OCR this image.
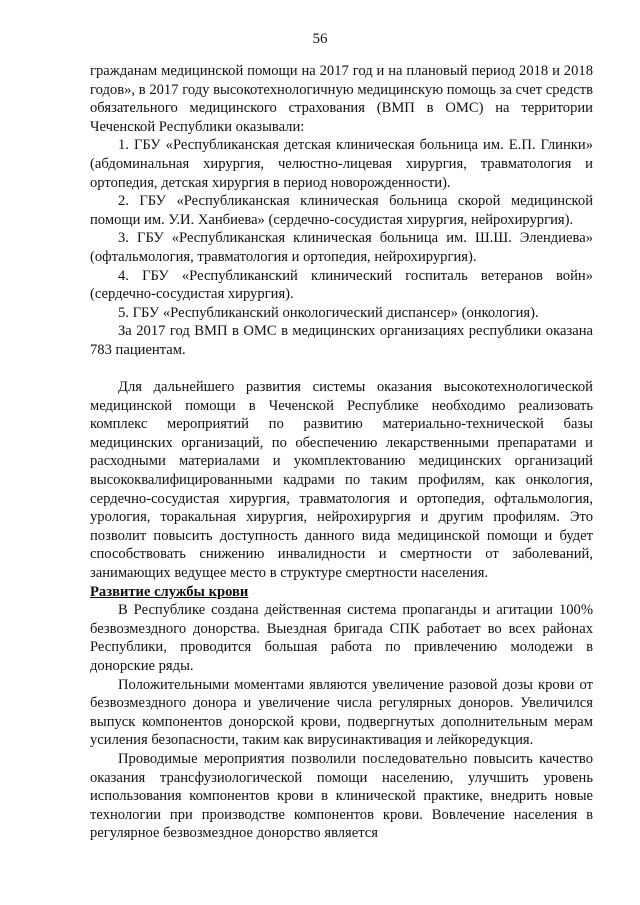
56

гражданам медицинской помощи на 2017 год и на плановый период 2018 и 2018 годов», в 2017 году высокотехнологичную медицинскую помощь за счет средств обязательного медицинского страхования (ВМП в ОМС) на территории Чеченской Республики оказывали:

1. ГБУ «Республиканская детская клиническая больница им. Е.П. Глинки» (абдоминальная хирургия, челюстно-лицевая хирургия, травматология и ортопедия, детская хирургия в период новорожденности).

2. ГБУ «Республиканская клиническая больница скорой медицинской помощи им. У.И. Ханбиева» (сердечно-сосудистая хирургия, нейрохирургия).

3. ГБУ «Республиканская клиническая больница им. Ш.Ш. Элендиева» (офтальмология, травматология и ортопедия, нейрохирургия).

4. ГБУ «Республиканский клинический госпиталь ветеранов войн» (сердечно-сосудистая хирургия).

5. ГБУ «Республиканский онкологический диспансер» (онкология).

За 2017 год ВМП в ОМС в медицинских организациях республики оказана 783 пациентам.

Для дальнейшего развития системы оказания высокотехнологической медицинской помощи в Чеченской Республике необходимо реализовать комплекс мероприятий по развитию материально-технической базы медицинских организаций, по обеспечению лекарственными препаратами и расходными материалами и укомплектованию медицинских организаций высококвалифицированными кадрами по таким профилям, как онкология, сердечно-сосудистая хирургия, травматология и ортопедия, офтальмология, урология, торакальная хирургия, нейрохирургия и другим профилям. Это позволит повысить доступность данного вида медицинской помощи и будет способствовать снижению инвалидности и смертности от заболеваний, занимающих ведущее место в структуре смертности населения.

Развитие службы крови

В Республике создана действенная система пропаганды и агитации 100% безвозмездного донорства. Выездная бригада СПК работает во всех районах Республики, проводится большая работа по привлечению молодежи в донорские ряды.

Положительными моментами являются увеличение разовой дозы крови от безвозмездного донора и увеличение числа регулярных доноров. Увеличился выпуск компонентов донорской крови, подвергнутых дополнительным мерам усиления безопасности, таким как вирусинактивация и лейкоредукция.

Проводимые мероприятия позволили последовательно повысить качество оказания трансфузиологической помощи населению, улучшить уровень использования компонентов крови в клинической практике, внедрить новые технологии при производстве компонентов крови. Вовлечение населения в регулярное безвозмездное донорство является
